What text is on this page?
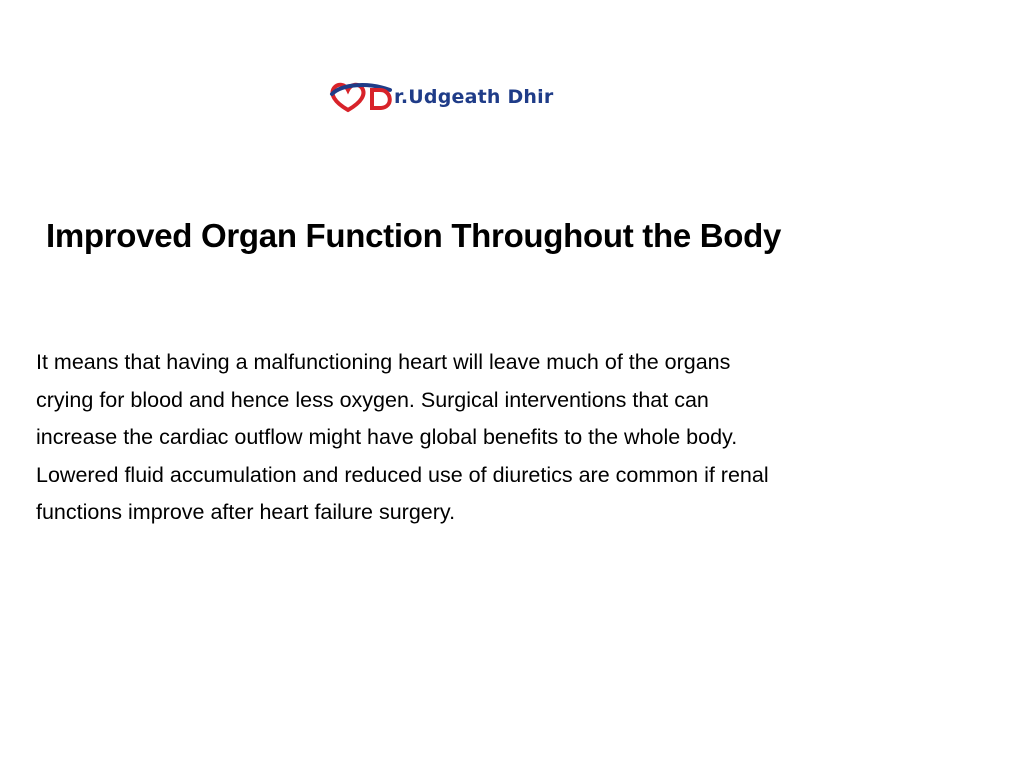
r.Udgeath Dhir
Improved Organ Function Throughout the Body

It means that having a malfunctioning heart will leave much of the organs
crying for blood and hence less oxygen. Surgical interventions that can
increase the cardiac outflow might have global benefits to the whole body.
Lowered fluid accumulation and reduced use of diuretics are common if renal
functions improve after heart failure surgery.
